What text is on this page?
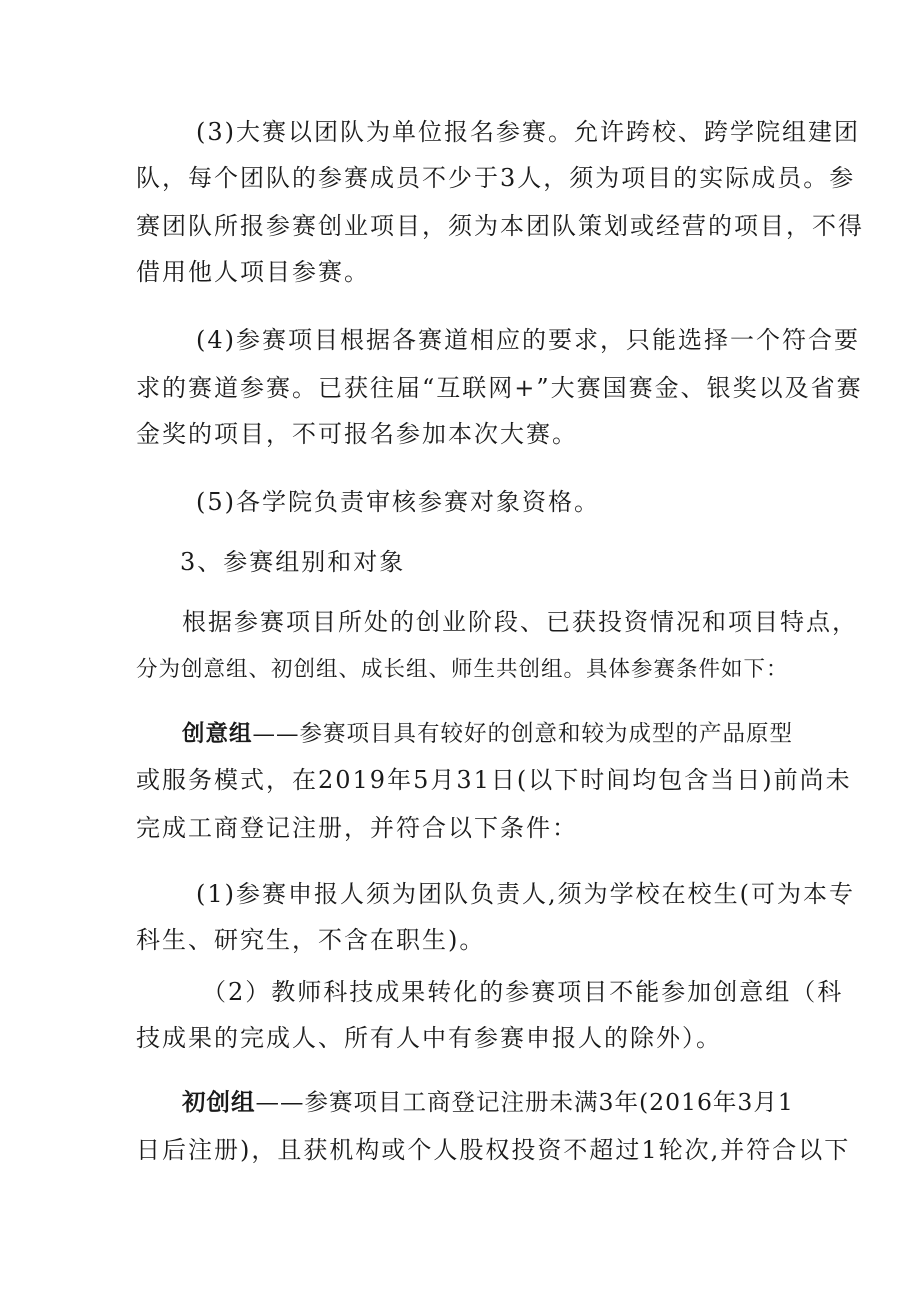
(3)大赛以团队为单位报名参赛。允许跨校、跨学院组建团
队，每个团队的参赛成员不少于3人，须为项目的实际成员。参
赛团队所报参赛创业项目，须为本团队策划或经营的项目，不得
借用他人项目参赛。
(4)参赛项目根据各赛道相应的要求，只能选择一个符合要
求的赛道参赛。已获往届“互联网+”大赛国赛金、银奖以及省赛
金奖的项目，不可报名参加本次大赛。
(5)各学院负责审核参赛对象资格。
3、参赛组别和对象
根据参赛项目所处的创业阶段、已获投资情况和项目特点，
分为创意组、初创组、成长组、师生共创组。具体参赛条件如下：
创意组——参赛项目具有较好的创意和较为成型的产品原型
或服务模式，在2019年5月31日(以下时间均包含当日)前尚未
完成工商登记注册，并符合以下条件：
(1)参赛申报人须为团队负责人,须为学校在校生(可为本专
科生、研究生，不含在职生)。
（2）教师科技成果转化的参赛项目不能参加创意组（科
技成果的完成人、所有人中有参赛申报人的除外）。
初创组——参赛项目工商登记注册未满3年(2016年3月1
日后注册)，且获机构或个人股权投资不超过1轮次,并符合以下
